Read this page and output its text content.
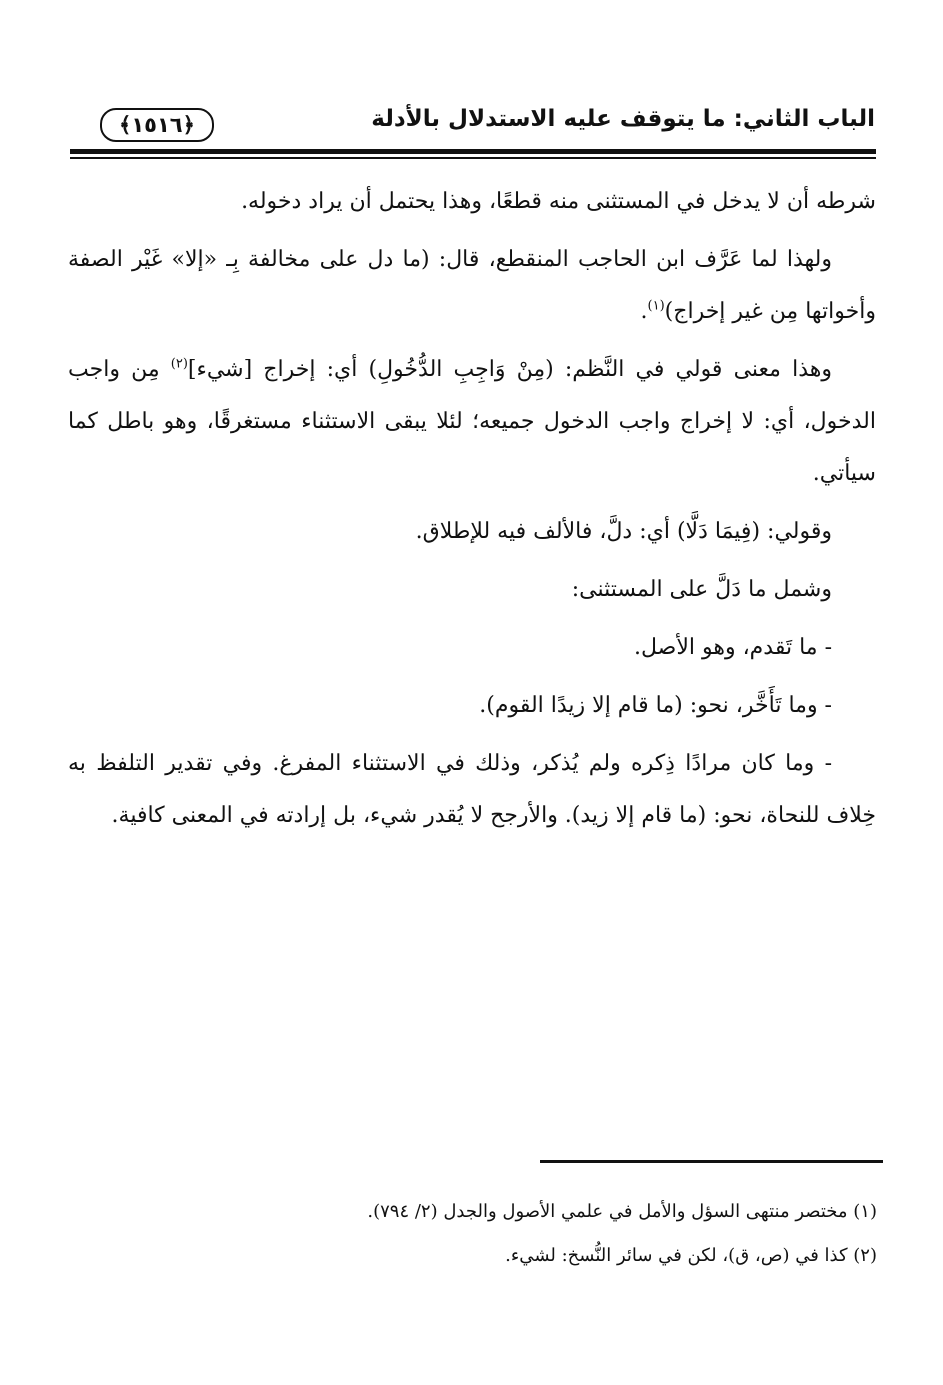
الباب الثاني: ما يتوقف عليه الاستدلال بالأدلة
﴿١٥١٦﴾

شرطه أن لا يدخل في المستثنى منه قطعًا، وهذا يحتمل أن يراد دخوله.

ولهذا لما عَرَّف ابن الحاجب المنقطع، قال: (ما دل على مخالفة بِـ «إلا» غَيْر الصفة وأخواتها مِن غير إخراج)$^{(١)}$.

وهذا معنى قولي في النَّظم: (مِنْ وَاجِبِ الدُّخُولِ) أي: إخراج [شيء]$^{(٢)}$ مِن واجب الدخول، أي: لا إخراج واجب الدخول جميعه؛ لئلا يبقى الاستثناء مستغرقًا، وهو باطل كما سيأتي.

وقولي: (فِيمَا دَلَّا) أي: دلَّ، فالألف فيه للإطلاق.

وشمل ما دَلَّ على المستثنى:

- ما تَقدم، وهو الأصل.

- وما تَأَخَّر، نحو: (ما قام إلا زيدًا القوم).

- وما كان مرادًا ذِكره ولم يُذكر، وذلك في الاستثناء المفرغ. وفي تقدير التلفظ به خِلاف للنحاة، نحو: (ما قام إلا زيد). والأرجح لا يُقدر شيء، بل إرادته في المعنى كافية.

(١) مختصر منتهى السؤل والأمل في علمي الأصول والجدل (٢/ ٧٩٤).
(٢) كذا في (ص، ق)، لكن في سائر النُّسخ: لشيء.
